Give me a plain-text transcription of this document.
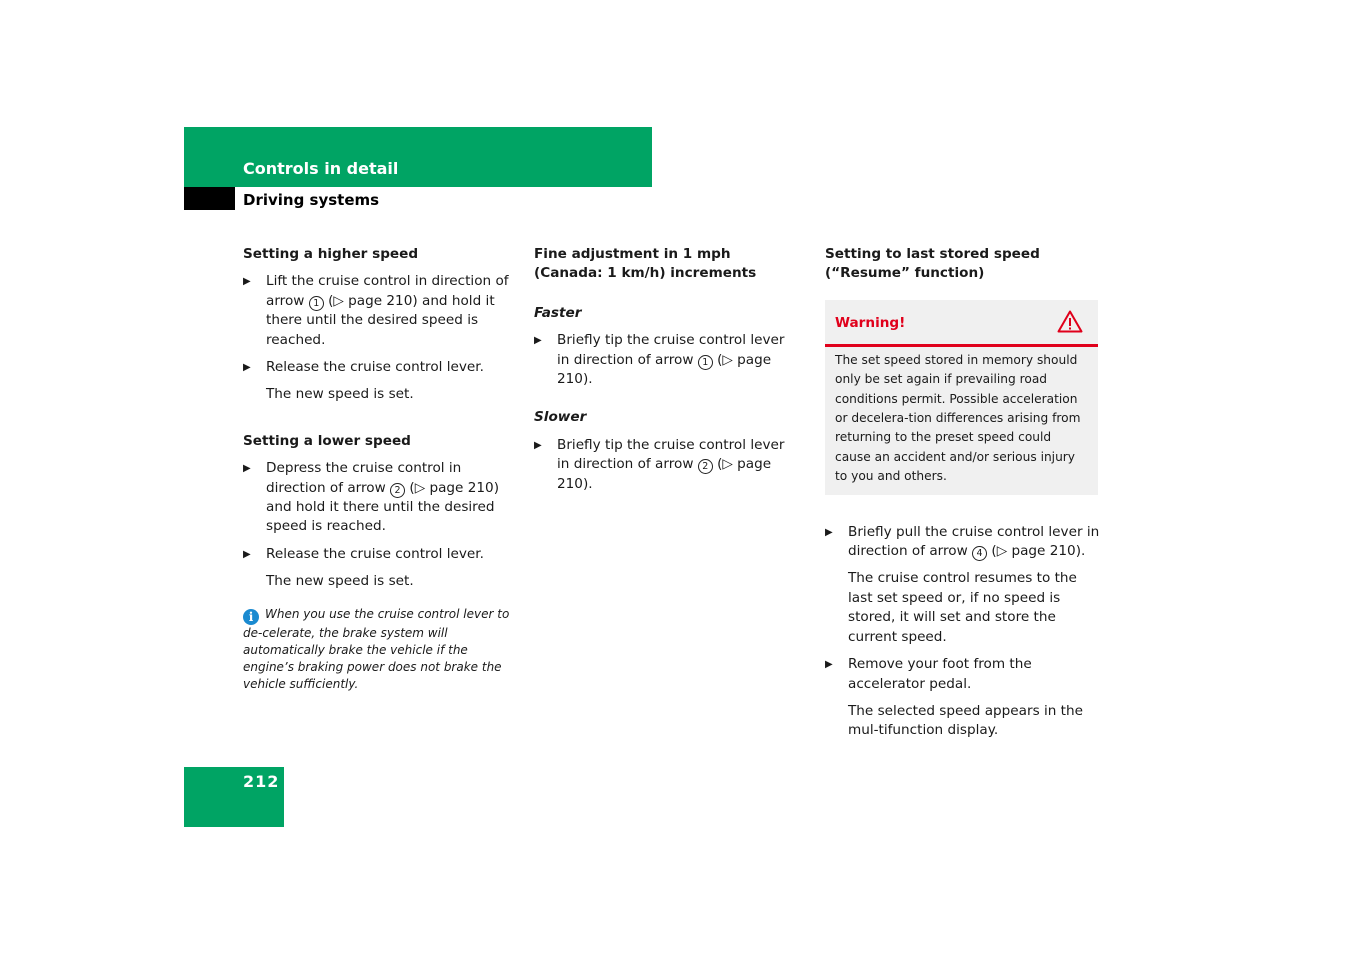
Controls in detail
Driving systems
Setting a higher speed
▶ Lift the cruise control in direction of arrow 1 (▷ page 210) and hold it there until the desired speed is reached.
▶ Release the cruise control lever.
The new speed is set.
Setting a lower speed
▶ Depress the cruise control in direction of arrow 2 (▷ page 210) and hold it there until the desired speed is reached.
▶ Release the cruise control lever.
The new speed is set.
i When you use the cruise control lever to de-celerate, the brake system will automatically brake the vehicle if the engine’s braking power does not brake the vehicle sufficiently.
Fine adjustment in 1 mph
(Canada: 1 km/h) increments
Faster
▶ Briefly tip the cruise control lever in direction of arrow 1 (▷ page 210).
Slower
▶ Briefly tip the cruise control lever in direction of arrow 2 (▷ page 210).
Setting to last stored speed
(“Resume” function)
Warning!
The set speed stored in memory should only be set again if prevailing road conditions permit. Possible acceleration or decelera-tion differences arising from returning to the preset speed could cause an accident and/or serious injury to you and others.
▶ Briefly pull the cruise control lever in direction of arrow 4 (▷ page 210).
The cruise control resumes to the last set speed or, if no speed is stored, it will set and store the current speed.
▶ Remove your foot from the accelerator pedal.
The selected speed appears in the mul-tifunction display.
212
